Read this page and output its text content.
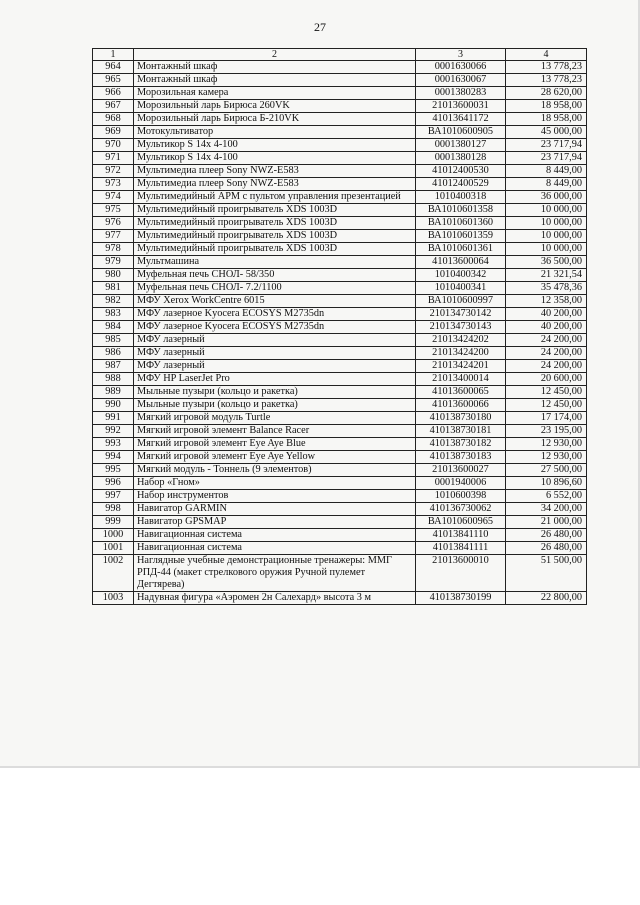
27
1	2	3	4
964	Монтажный шкаф	0001630066	13 778,23
965	Монтажный шкаф	0001630067	13 778,23
966	Морозильная камера	0001380283	28 620,00
967	Морозильный ларь Бирюса 260VK	21013600031	18 958,00
968	Морозильный ларь Бирюса Б-210VK	41013641172	18 958,00
969	Мотокультиватор	ВА1010600905	45 000,00
970	Мультикор S 14х 4-100	0001380127	23 717,94
971	Мультикор S 14х 4-100	0001380128	23 717,94
972	Мультимедиа плеер Sony NWZ-E583	41012400530	8 449,00
973	Мультимедиа плеер Sony NWZ-E583	41012400529	8 449,00
974	Мультимедийный АРМ с пультом управления презентацией	1010400318	36 000,00
975	Мультимедийный проигрыватель XDS 1003D	ВА1010601358	10 000,00
976	Мультимедийный проигрыватель XDS 1003D	ВА1010601360	10 000,00
977	Мультимедийный проигрыватель XDS 1003D	ВА1010601359	10 000,00
978	Мультимедийный проигрыватель XDS 1003D	ВА1010601361	10 000,00
979	Мультмашина	41013600064	36 500,00
980	Муфельная печь СНОЛ- 58/350	1010400342	21 321,54
981	Муфельная печь СНОЛ- 7.2/1100	1010400341	35 478,36
982	МФУ Xerox WorkCentre 6015	ВА1010600997	12 358,00
983	МФУ лазерное Kyocera ECOSYS M2735dn	210134730142	40 200,00
984	МФУ лазерное Kyocera ECOSYS M2735dn	210134730143	40 200,00
985	МФУ лазерный	21013424202	24 200,00
986	МФУ лазерный	21013424200	24 200,00
987	МФУ лазерный	21013424201	24 200,00
988	МФУ HP LaserJet Pro	21013400014	20 600,00
989	Мыльные пузыри (кольцо и ракетка)	41013600065	12 450,00
990	Мыльные пузыри (кольцо и ракетка)	41013600066	12 450,00
991	Мягкий игровой модуль Turtle	410138730180	17 174,00
992	Мягкий игровой элемент Balance Racer	410138730181	23 195,00
993	Мягкий игровой элемент Eye Aye Blue	410138730182	12 930,00
994	Мягкий игровой элемент Eye Aye Yellow	410138730183	12 930,00
995	Мягкий модуль - Тоннель (9 элементов)	21013600027	27 500,00
996	Набор «Гном»	0001940006	10 896,60
997	Набор инструментов	1010600398	6 552,00
998	Навигатор GARMIN	410136730062	34 200,00
999	Навигатор GPSMAP	ВА1010600965	21 000,00
1000	Навигационная система	41013841110	26 480,00
1001	Навигационная система	41013841111	26 480,00
1002	Наглядные учебные демонстрационные тренажеры: ММГ РПД-44 (макет стрелкового оружия Ручной пулемет Дегтярева)	21013600010	51 500,00
1003	Надувная фигура «Аэромен 2н Салехард» высота 3 м	410138730199	22 800,00
